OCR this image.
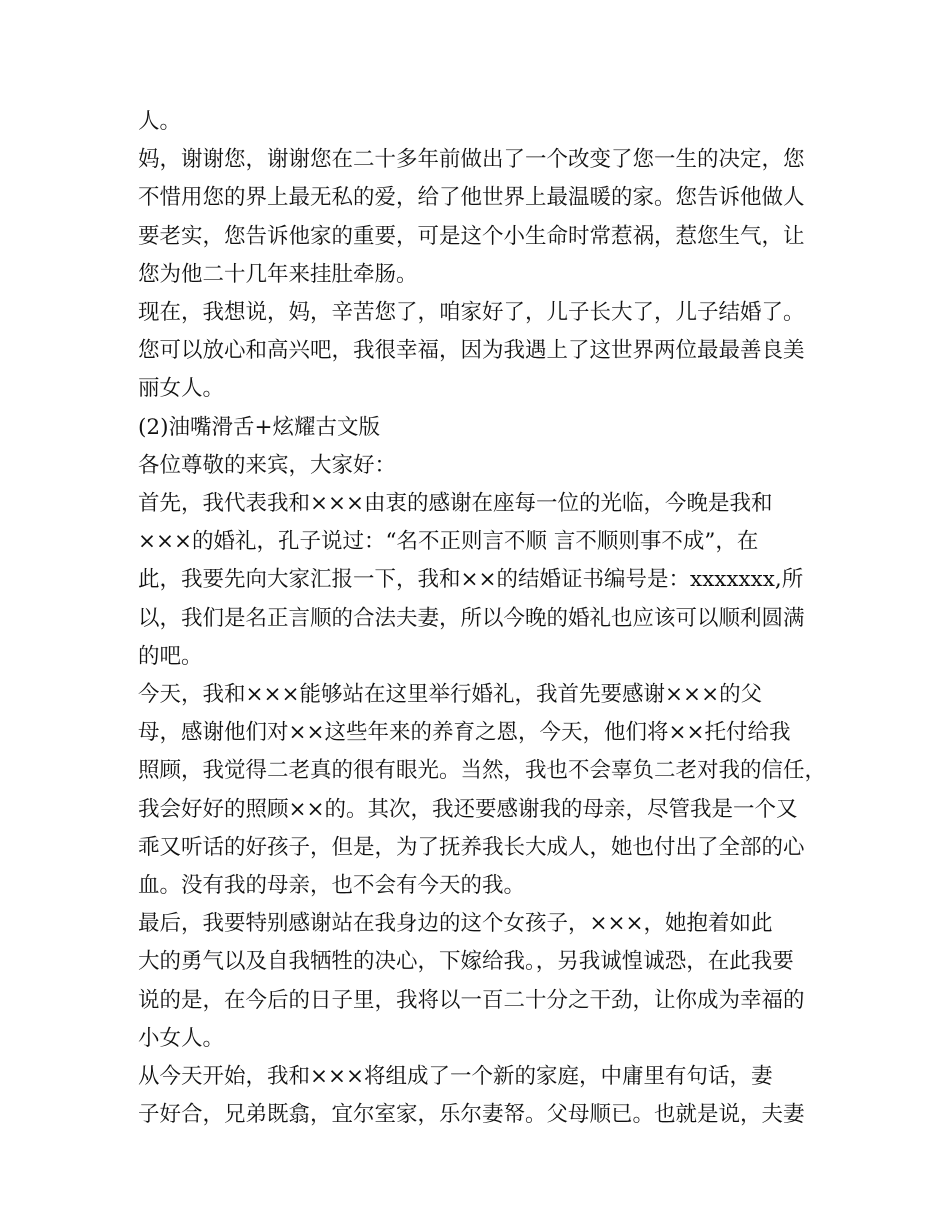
人。
妈，谢谢您，谢谢您在二十多年前做出了一个改变了您一生的决定，您
不惜用您的界上最无私的爱，给了他世界上最温暖的家。您告诉他做人
要老实，您告诉他家的重要，可是这个小生命时常惹祸，惹您生气，让
您为他二十几年来挂肚牵肠。
现在，我想说，妈，辛苦您了，咱家好了，儿子长大了，儿子结婚了。
您可以放心和高兴吧，我很幸福，因为我遇上了这世界两位最最善良美
丽女人。
(2)油嘴滑舌+炫耀古文版
各位尊敬的来宾，大家好：
首先，我代表我和×××由衷的感谢在座每一位的光临，今晚是我和
×××的婚礼，孔子说过：“名不正则言不顺 言不顺则事不成”，在
此，我要先向大家汇报一下，我和××的结婚证书编号是：xxxxxxx,所
以，我们是名正言顺的合法夫妻，所以今晚的婚礼也应该可以顺利圆满
的吧。
今天，我和×××能够站在这里举行婚礼，我首先要感谢×××的父
母，感谢他们对××这些年来的养育之恩，今天，他们将××托付给我
照顾，我觉得二老真的很有眼光。当然，我也不会辜负二老对我的信任，
我会好好的照顾××的。其次，我还要感谢我的母亲，尽管我是一个又
乖又听话的好孩子，但是，为了抚养我长大成人，她也付出了全部的心
血。没有我的母亲，也不会有今天的我。
最后，我要特别感谢站在我身边的这个女孩子，×××，她抱着如此
大的勇气以及自我牺牲的决心，下嫁给我。，另我诚惶诚恐，在此我要
说的是，在今后的日子里，我将以一百二十分之干劲，让你成为幸福的
小女人。
从今天开始，我和×××将组成了一个新的家庭，中庸里有句话，妻
子好合，兄弟既翕，宜尔室家，乐尔妻帑。父母顺已。也就是说，夫妻
